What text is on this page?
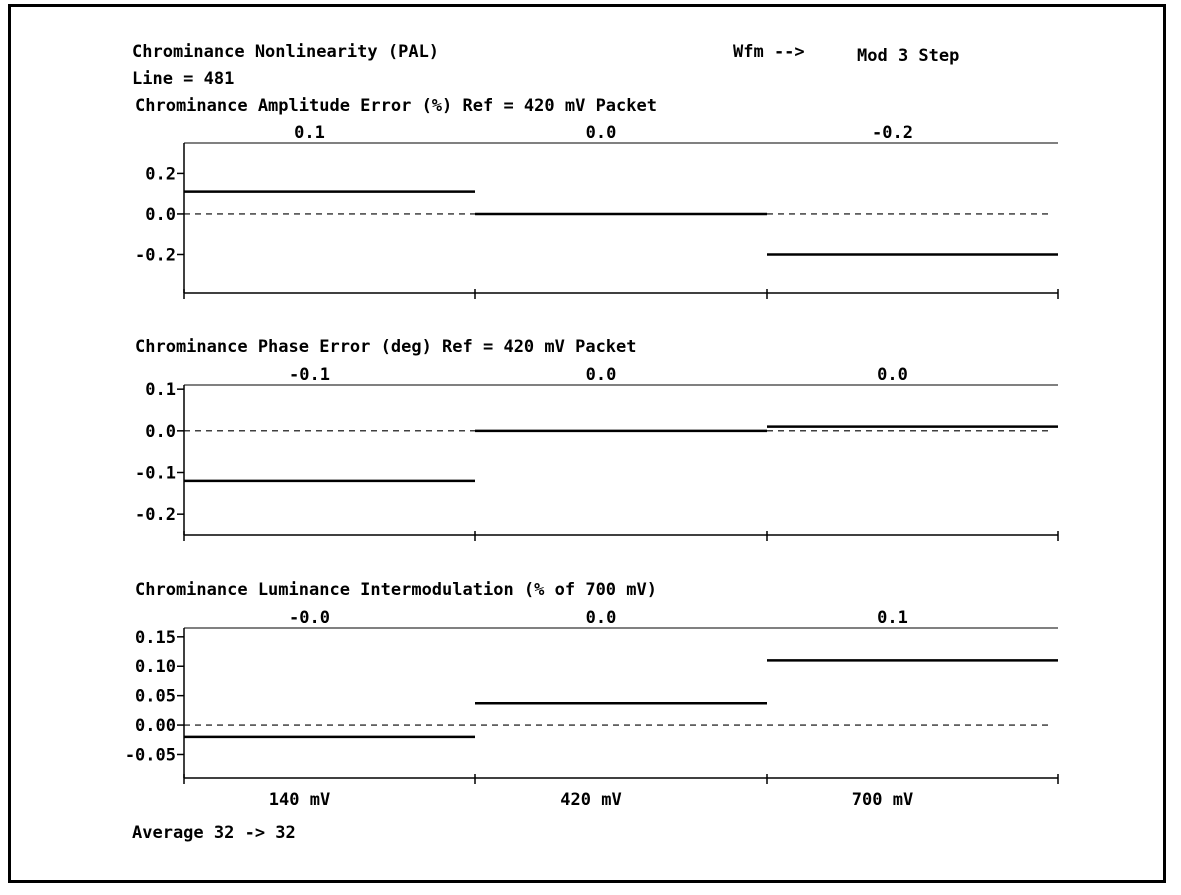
Chrominance Nonlinearity (PAL)	Wfm -->	Mod 3 Step
Line = 481
Average 32 -> 32
Chrominance Amplitude Error (%) Ref = 420 mV Packet
0.2
0.0
-0.2
0.1	0.0	-0.2
Chrominance Phase Error (deg) Ref = 420 mV Packet
0.1
0.0
-0.1
-0.2
-0.1	0.0	0.0
Chrominance Luminance Intermodulation (% of 700 mV)
0.15
0.10
0.05
0.00
-0.05
-0.0	0.0	0.1
140 mV	420 mV	700 mV
